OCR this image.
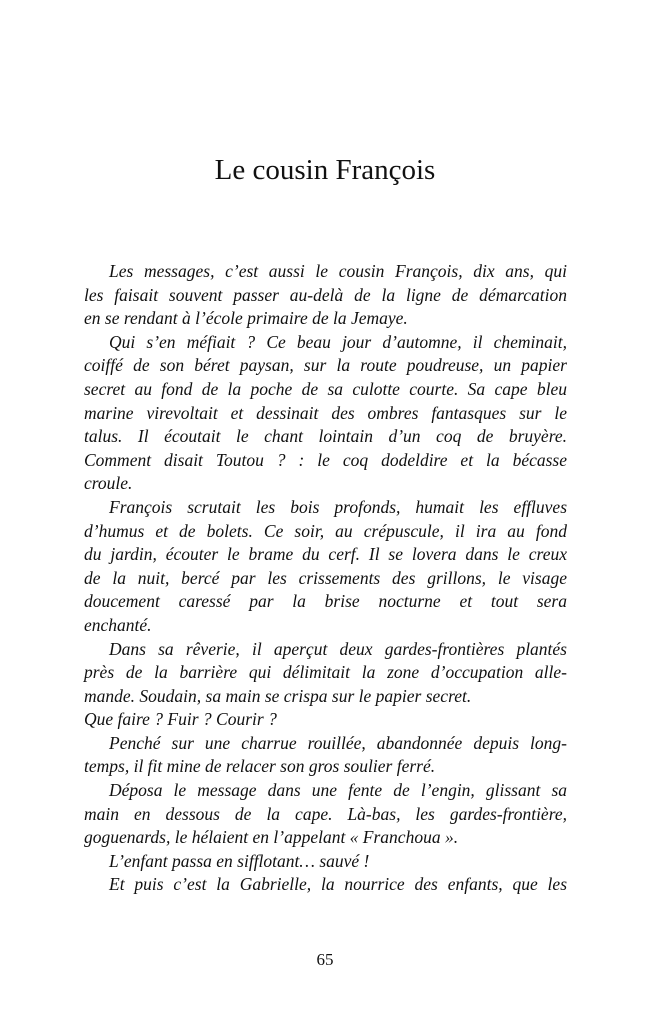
Le cousin François
Les messages, c’est aussi le cousin François, dix ans, qui
les faisait souvent passer au-delà de la ligne de démarcation
en se rendant à l’école primaire de la Jemaye.
Qui s’en méfiait ? Ce beau jour d’automne, il cheminait,
coiffé de son béret paysan, sur la route poudreuse, un papier
secret au fond de la poche de sa culotte courte. Sa cape bleu
marine virevoltait et dessinait des ombres fantasques sur le
talus. Il écoutait le chant lointain d’un coq de bruyère.
Comment disait Toutou ? : le coq dodeldire et la bécasse
croule.
François scrutait les bois profonds, humait les effluves
d’humus et de bolets. Ce soir, au crépuscule, il ira au fond
du jardin, écouter le brame du cerf. Il se lovera dans le creux
de la nuit, bercé par les crissements des grillons, le visage
doucement caressé par la brise nocturne et tout sera
enchanté.
Dans sa rêverie, il aperçut deux gardes-frontières plantés
près de la barrière qui délimitait la zone d’occupation alle-
mande. Soudain, sa main se crispa sur le papier secret.
Que faire ? Fuir ? Courir ?
Penché sur une charrue rouillée, abandonnée depuis long-
temps, il fit mine de relacer son gros soulier ferré.
Déposa le message dans une fente de l’engin, glissant sa
main en dessous de la cape. Là-bas, les gardes-frontière,
goguenards, le hélaient en l’appelant « Franchoua ».
L’enfant passa en sifflotant… sauvé !
Et puis c’est la Gabrielle, la nourrice des enfants, que les
65
